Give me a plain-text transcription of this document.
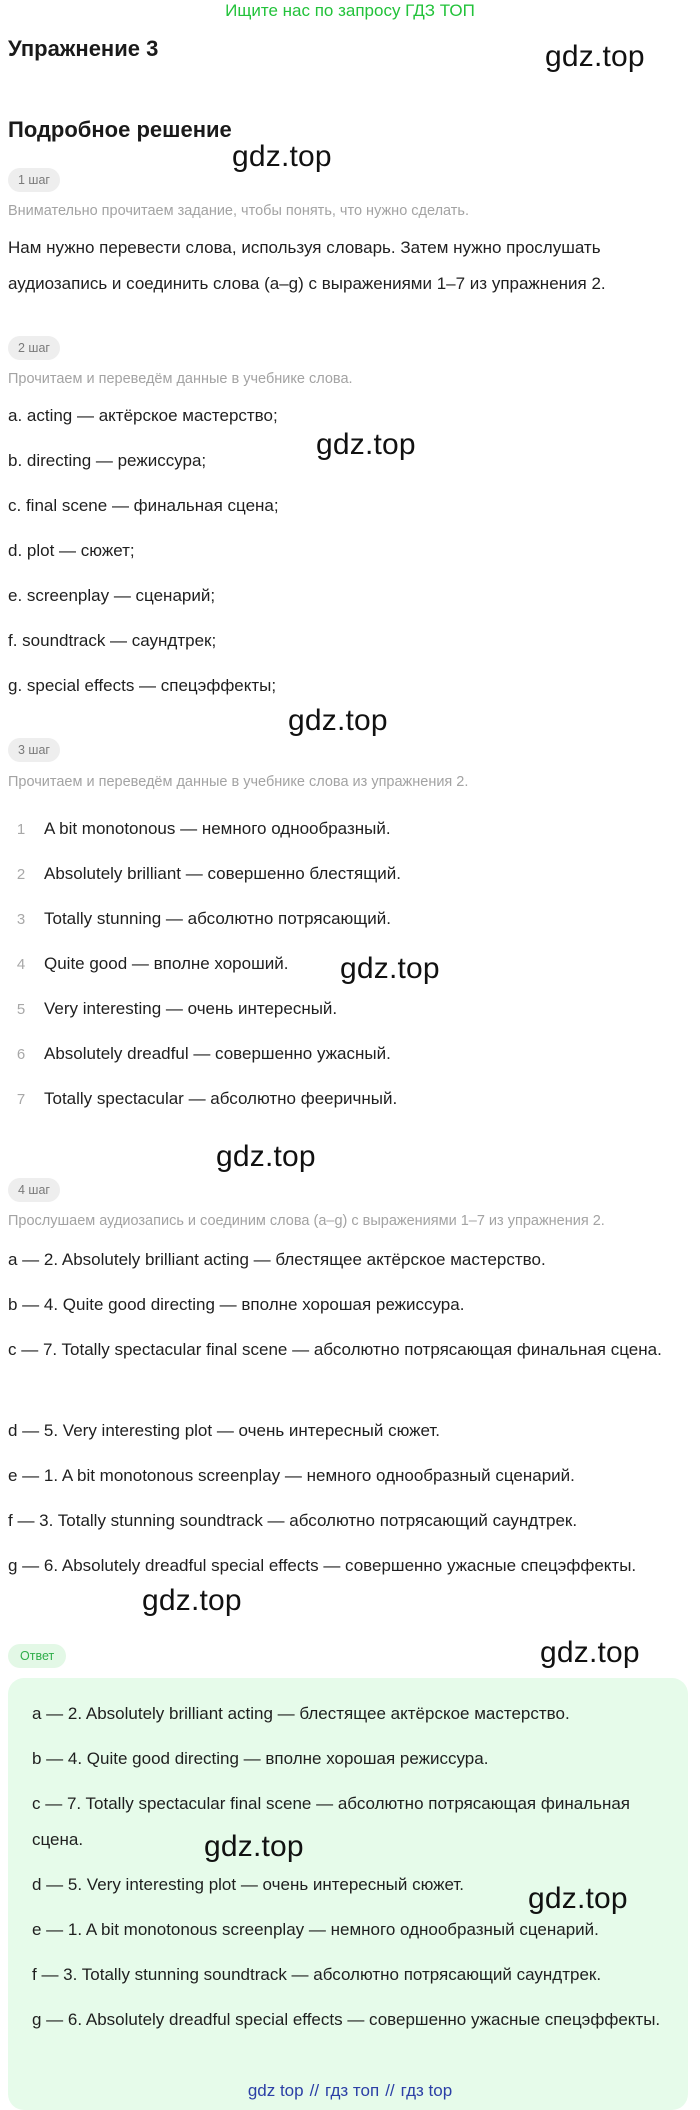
Ищите нас по запросу ГДЗ ТОП
Упражнение 3
Подробное решение
1 шаг
Внимательно прочитаем задание, чтобы понять, что нужно сделать.
Нам нужно перевести слова, используя словарь. Затем нужно прослушать аудиозапись и соединить слова (a–g) с выражениями 1–7 из упражнения 2.
2 шаг
Прочитаем и переведём данные в учебнике слова.
a. acting — актёрское мастерство;
b. directing — режиссура;
c. final scene — финальная сцена;
d. plot — сюжет;
e. screenplay — сценарий;
f. soundtrack — саундтрек;
g. special effects — спецэффекты;
3 шаг
Прочитаем и переведём данные в учебнике слова из упражнения 2.
1 A bit monotonous — немного однообразный.
2 Absolutely brilliant — совершенно блестящий.
3 Totally stunning — абсолютно потрясающий.
4 Quite good — вполне хороший.
5 Very interesting — очень интересный.
6 Absolutely dreadful — совершенно ужасный.
7 Totally spectacular — абсолютно фееричный.
4 шаг
Прослушаем аудиозапись и соединим слова (a–g) с выражениями 1–7 из упражнения 2.
a — 2. Absolutely brilliant acting — блестящее актёрское мастерство.
b — 4. Quite good directing — вполне хорошая режиссура.
c — 7. Totally spectacular final scene — абсолютно потрясающая финальная сцена.
d — 5. Very interesting plot — очень интересный сюжет.
e — 1. A bit monotonous screenplay — немного однообразный сценарий.
f — 3. Totally stunning soundtrack — абсолютно потрясающий саундтрек.
g — 6. Absolutely dreadful special effects — совершенно ужасные спецэффекты.
Ответ
a — 2. Absolutely brilliant acting — блестящее актёрское мастерство.
b — 4. Quite good directing — вполне хорошая режиссура.
c — 7. Totally spectacular final scene — абсолютно потрясающая финальная сцена.
d — 5. Very interesting plot — очень интересный сюжет.
e — 1. A bit monotonous screenplay — немного однообразный сценарий.
f — 3. Totally stunning soundtrack — абсолютно потрясающий саундтрек.
g — 6. Absolutely dreadful special effects — совершенно ужасные спецэффекты.
gdz.top
gdz.top
gdz.top
gdz.top
gdz.top
gdz.top
gdz.top
gdz.top
gdz.top
gdz.top
gdz top // гдз топ // гдз top
